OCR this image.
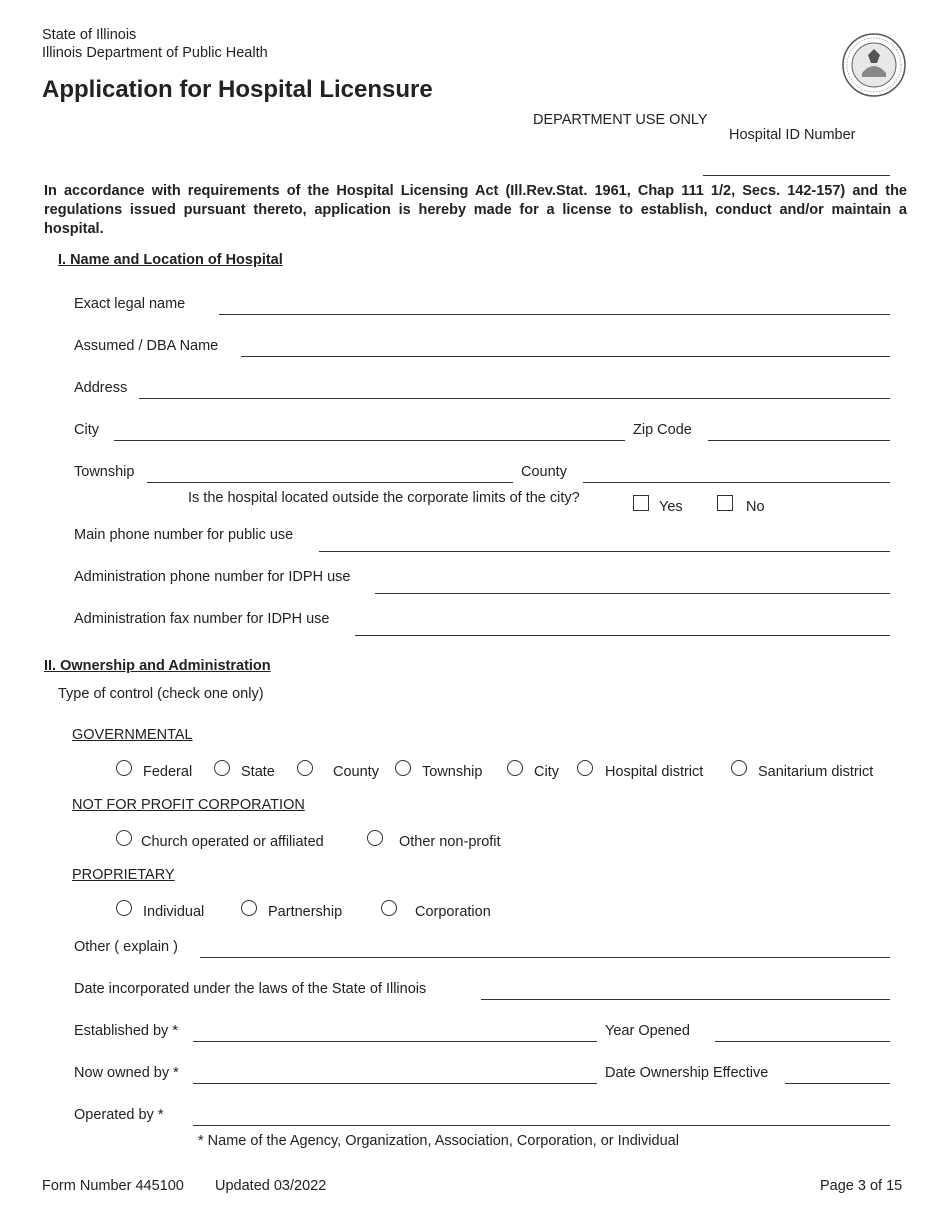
State of Illinois
Illinois Department of Public Health
Application for Hospital Licensure
DEPARTMENT USE ONLY
Hospital ID Number
In accordance with requirements of the Hospital Licensing Act (Ill.Rev.Stat. 1961, Chap 111 1/2, Secs. 142-157) and the regulations issued pursuant thereto, application is hereby made for a license to establish, conduct and/or maintain a hospital.
I. Name and Location of Hospital
Exact legal name
Assumed / DBA Name
Address
City	Zip Code
Township	County
Is the hospital located outside the corporate limits of the city?
Yes	No
Main phone number for public use
Administration phone number for IDPH use
Administration fax number for IDPH use
II. Ownership and Administration
Type of control (check one only)
GOVERNMENTAL
Federal	State	County	Township	City	Hospital district	Sanitarium district
NOT FOR PROFIT CORPORATION
Church operated or affiliated	Other non-profit
PROPRIETARY
Individual	Partnership	Corporation
Other ( explain )
Date incorporated under the laws of the State of Illinois
Established by *	Year Opened
Now owned by *	Date Ownership Effective
Operated by *
* Name of the Agency, Organization, Association, Corporation, or Individual
Form Number 445100 Updated 03/2022	Page 3 of 15
